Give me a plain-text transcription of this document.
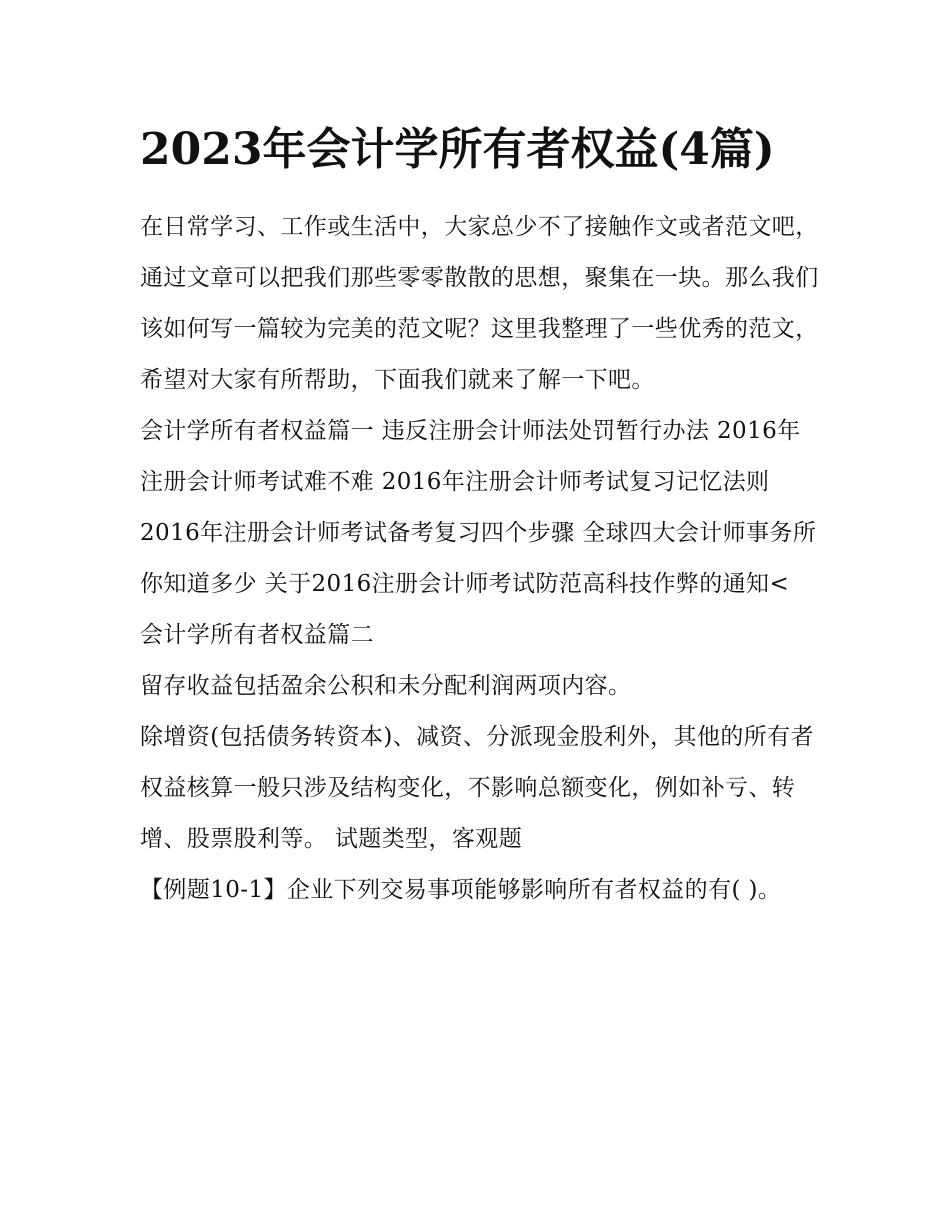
2023年会计学所有者权益(4篇)

在日常学习、工作或生活中，大家总少不了接触作文或者范文吧，通过文章可以把我们那些零零散散的思想，聚集在一块。那么我们该如何写一篇较为完美的范文呢？这里我整理了一些优秀的范文，希望对大家有所帮助，下面我们就来了解一下吧。

会计学所有者权益篇一 违反注册会计师法处罚暂行办法 2016年注册会计师考试难不难 2016年注册会计师考试复习记忆法则

2016年注册会计师考试备考复习四个步骤 全球四大会计师事务所你知道多少 关于2016注册会计师考试防范高科技作弊的通知< 会计学所有者权益篇二

留存收益包括盈余公积和未分配利润两项内容。

除增资(包括债务转资本)、减资、分派现金股利外，其他的所有者权益核算一般只涉及结构变化，不影响总额变化，例如补亏、转增、股票股利等。 试题类型，客观题

【例题10-1】企业下列交易事项能够影响所有者权益的有( )。
